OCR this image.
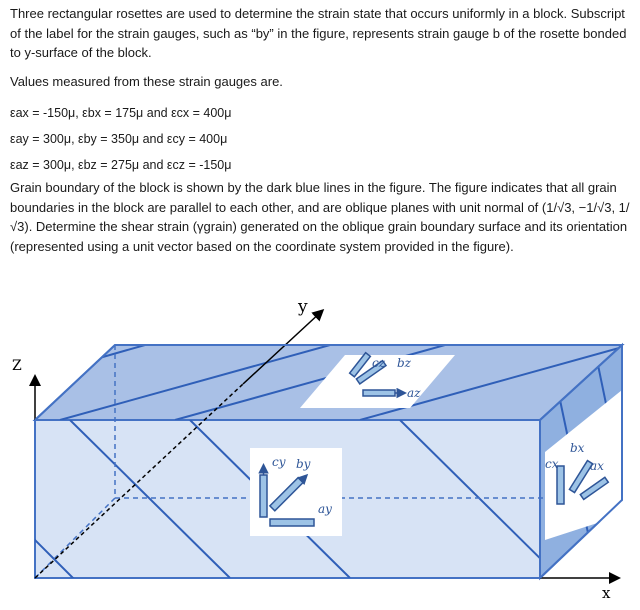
Three rectangular rosettes are used to determine the strain state that occurs uniformly in a block. Subscript of the label for the strain gauges, such as “by” in the figure, represents strain gauge b of the rosette bonded to y-surface of the block.

Values measured from these strain gauges are.

εax = -150μ, εbx = 175μ and εcx = 400μ

εay = 300μ, εby = 350μ and εcy = 400μ

εaz = 300μ, εbz = 275μ and εcz = -150μ

Grain boundary of the block is shown by the dark blue lines in the figure. The figure indicates that all grain boundaries in the block are parallel to each other, and are oblique planes with unit normal of (1/√3, −1/√3, 1/√3). Determine the shear strain (γgrain) generated on the oblique grain boundary surface and its orientation (represented using a unit vector based on the coordinate system provided in the figure).

y
Z
x
cz bz
az
cy by
ay
cx
bx
ax
